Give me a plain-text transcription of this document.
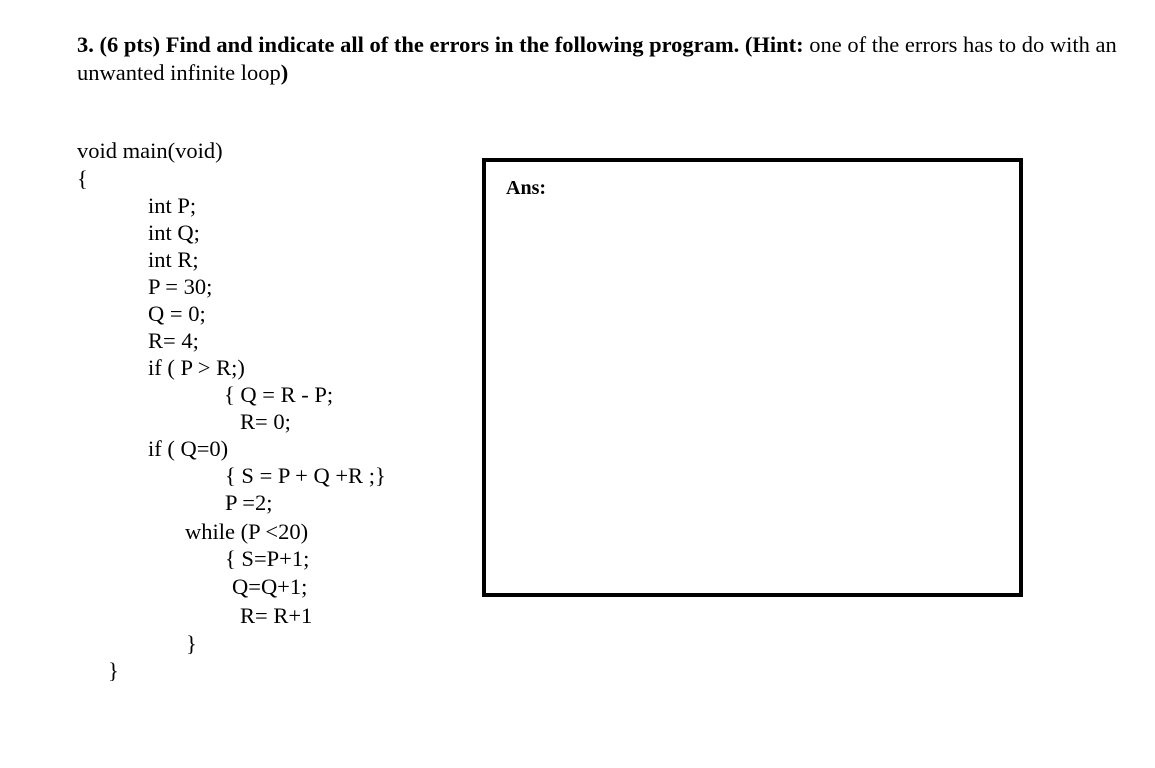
3. (6 pts) Find and indicate all of the errors in the following program. (Hint: one of the errors has to do with an unwanted infinite loop)
void main(void)
{
int P;
int Q;
int R;
P = 30;
Q = 0;
R= 4;
if ( P > R;)
{ Q = R - P;
R= 0;
if ( Q=0)
{ S = P + Q +R ;}
P =2;
while (P <20)
{ S=P+1;
Q=Q+1;
R= R+1
}
}
Ans:
